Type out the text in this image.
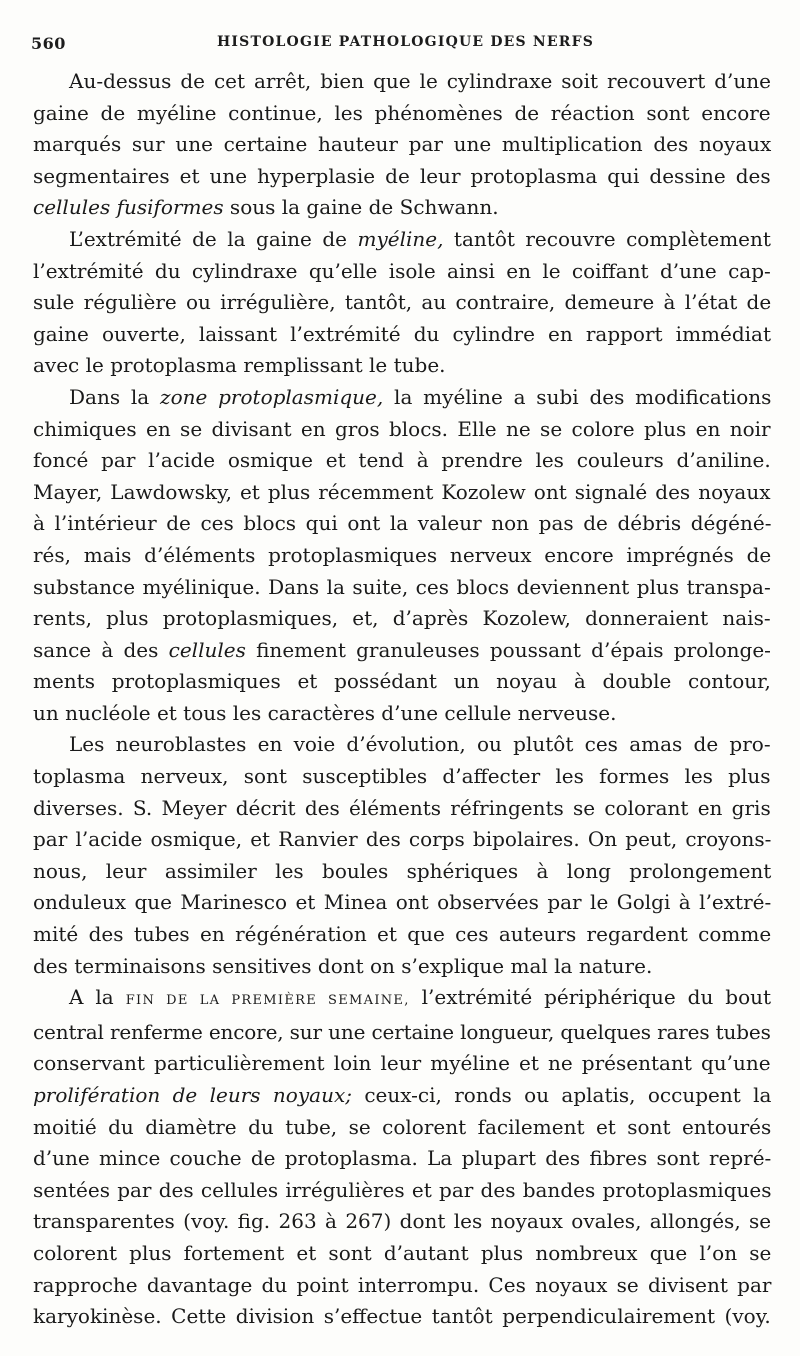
560	HISTOLOGIE PATHOLOGIQUE DES NERFS
Au-dessus de cet arrêt, bien que le cylindraxe soit recouvert d’une
gaine de myéline continue, les phénomènes de réaction sont encore
marqués sur une certaine hauteur par une multiplication des noyaux
segmentaires et une hyperplasie de leur protoplasma qui dessine des
cellules fusiformes sous la gaine de Schwann.
L’extrémité de la gaine de myéline, tantôt recouvre complètement
l’extrémité du cylindraxe qu’elle isole ainsi en le coiffant d’une cap-
sule régulière ou irrégulière, tantôt, au contraire, demeure à l’état de
gaine ouverte, laissant l’extrémité du cylindre en rapport immédiat
avec le protoplasma remplissant le tube.
Dans la zone protoplasmique, la myéline a subi des modifications
chimiques en se divisant en gros blocs. Elle ne se colore plus en noir
foncé par l’acide osmique et tend à prendre les couleurs d’aniline.
Mayer, Lawdowsky, et plus récemment Kozolew ont signalé des noyaux
à l’intérieur de ces blocs qui ont la valeur non pas de débris dégéné-
rés, mais d’éléments protoplasmiques nerveux encore imprégnés de
substance myélinique. Dans la suite, ces blocs deviennent plus transpa-
rents, plus protoplasmiques, et, d’après Kozolew, donneraient nais-
sance à des cellules finement granuleuses poussant d’épais prolonge-
ments protoplasmiques et possédant un noyau à double contour,
un nucléole et tous les caractères d’une cellule nerveuse.
Les neuroblastes en voie d’évolution, ou plutôt ces amas de pro-
toplasma nerveux, sont susceptibles d’affecter les formes les plus
diverses. S. Meyer décrit des éléments réfringents se colorant en gris
par l’acide osmique, et Ranvier des corps bipolaires. On peut, croyons-
nous, leur assimiler les boules sphériques à long prolongement
onduleux que Marinesco et Minea ont observées par le Golgi à l’extré-
mité des tubes en régénération et que ces auteurs regardent comme
des terminaisons sensitives dont on s’explique mal la nature.
A la FIN DE LA PREMIÈRE SEMAINE, l’extrémité périphérique du bout
central renferme encore, sur une certaine longueur, quelques rares tubes
conservant particulièrement loin leur myéline et ne présentant qu’une
prolifération de leurs noyaux; ceux-ci, ronds ou aplatis, occupent la
moitié du diamètre du tube, se colorent facilement et sont entourés
d’une mince couche de protoplasma. La plupart des fibres sont repré-
sentées par des cellules irrégulières et par des bandes protoplasmiques
transparentes (voy. fig. 263 à 267) dont les noyaux ovales, allongés, se
colorent plus fortement et sont d’autant plus nombreux que l’on se
rapproche davantage du point interrompu. Ces noyaux se divisent par
karyokinèse. Cette division s’effectue tantôt perpendiculairement (voy.
